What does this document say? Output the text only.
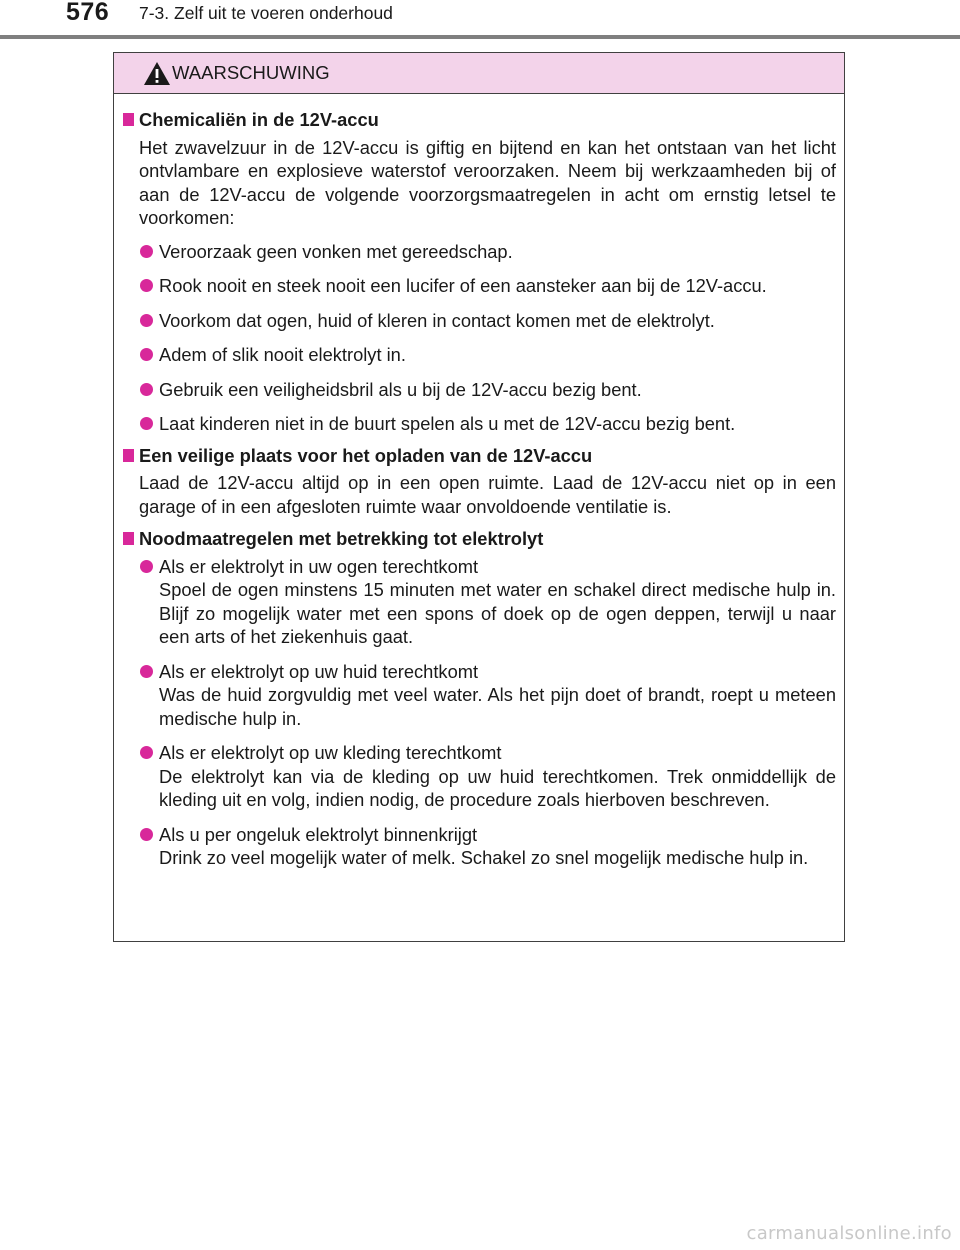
576 7-3. Zelf uit te voeren onderhoud
WAARSCHUWING
Chemicaliën in de 12V-accu
Het zwavelzuur in de 12V-accu is giftig en bijtend en kan het ontstaan van het licht ontvlambare en explosieve waterstof veroorzaken. Neem bij werkzaamheden bij of aan de 12V-accu de volgende voorzorgsmaatregelen in acht om ernstig letsel te voorkomen:
Veroorzaak geen vonken met gereedschap.
Rook nooit en steek nooit een lucifer of een aansteker aan bij de 12V-accu.
Voorkom dat ogen, huid of kleren in contact komen met de elektrolyt.
Adem of slik nooit elektrolyt in.
Gebruik een veiligheidsbril als u bij de 12V-accu bezig bent.
Laat kinderen niet in de buurt spelen als u met de 12V-accu bezig bent.
Een veilige plaats voor het opladen van de 12V-accu
Laad de 12V-accu altijd op in een open ruimte. Laad de 12V-accu niet op in een garage of in een afgesloten ruimte waar onvoldoende ventilatie is.
Noodmaatregelen met betrekking tot elektrolyt
Als er elektrolyt in uw ogen terechtkomt
Spoel de ogen minstens 15 minuten met water en schakel direct medische hulp in. Blijf zo mogelijk water met een spons of doek op de ogen deppen, terwijl u naar een arts of het ziekenhuis gaat.
Als er elektrolyt op uw huid terechtkomt
Was de huid zorgvuldig met veel water. Als het pijn doet of brandt, roept u meteen medische hulp in.
Als er elektrolyt op uw kleding terechtkomt
De elektrolyt kan via de kleding op uw huid terechtkomen. Trek onmiddellijk de kleding uit en volg, indien nodig, de procedure zoals hierboven beschreven.
Als u per ongeluk elektrolyt binnenkrijgt
Drink zo veel mogelijk water of melk. Schakel zo snel mogelijk medische hulp in.
carmanualsonline.info
